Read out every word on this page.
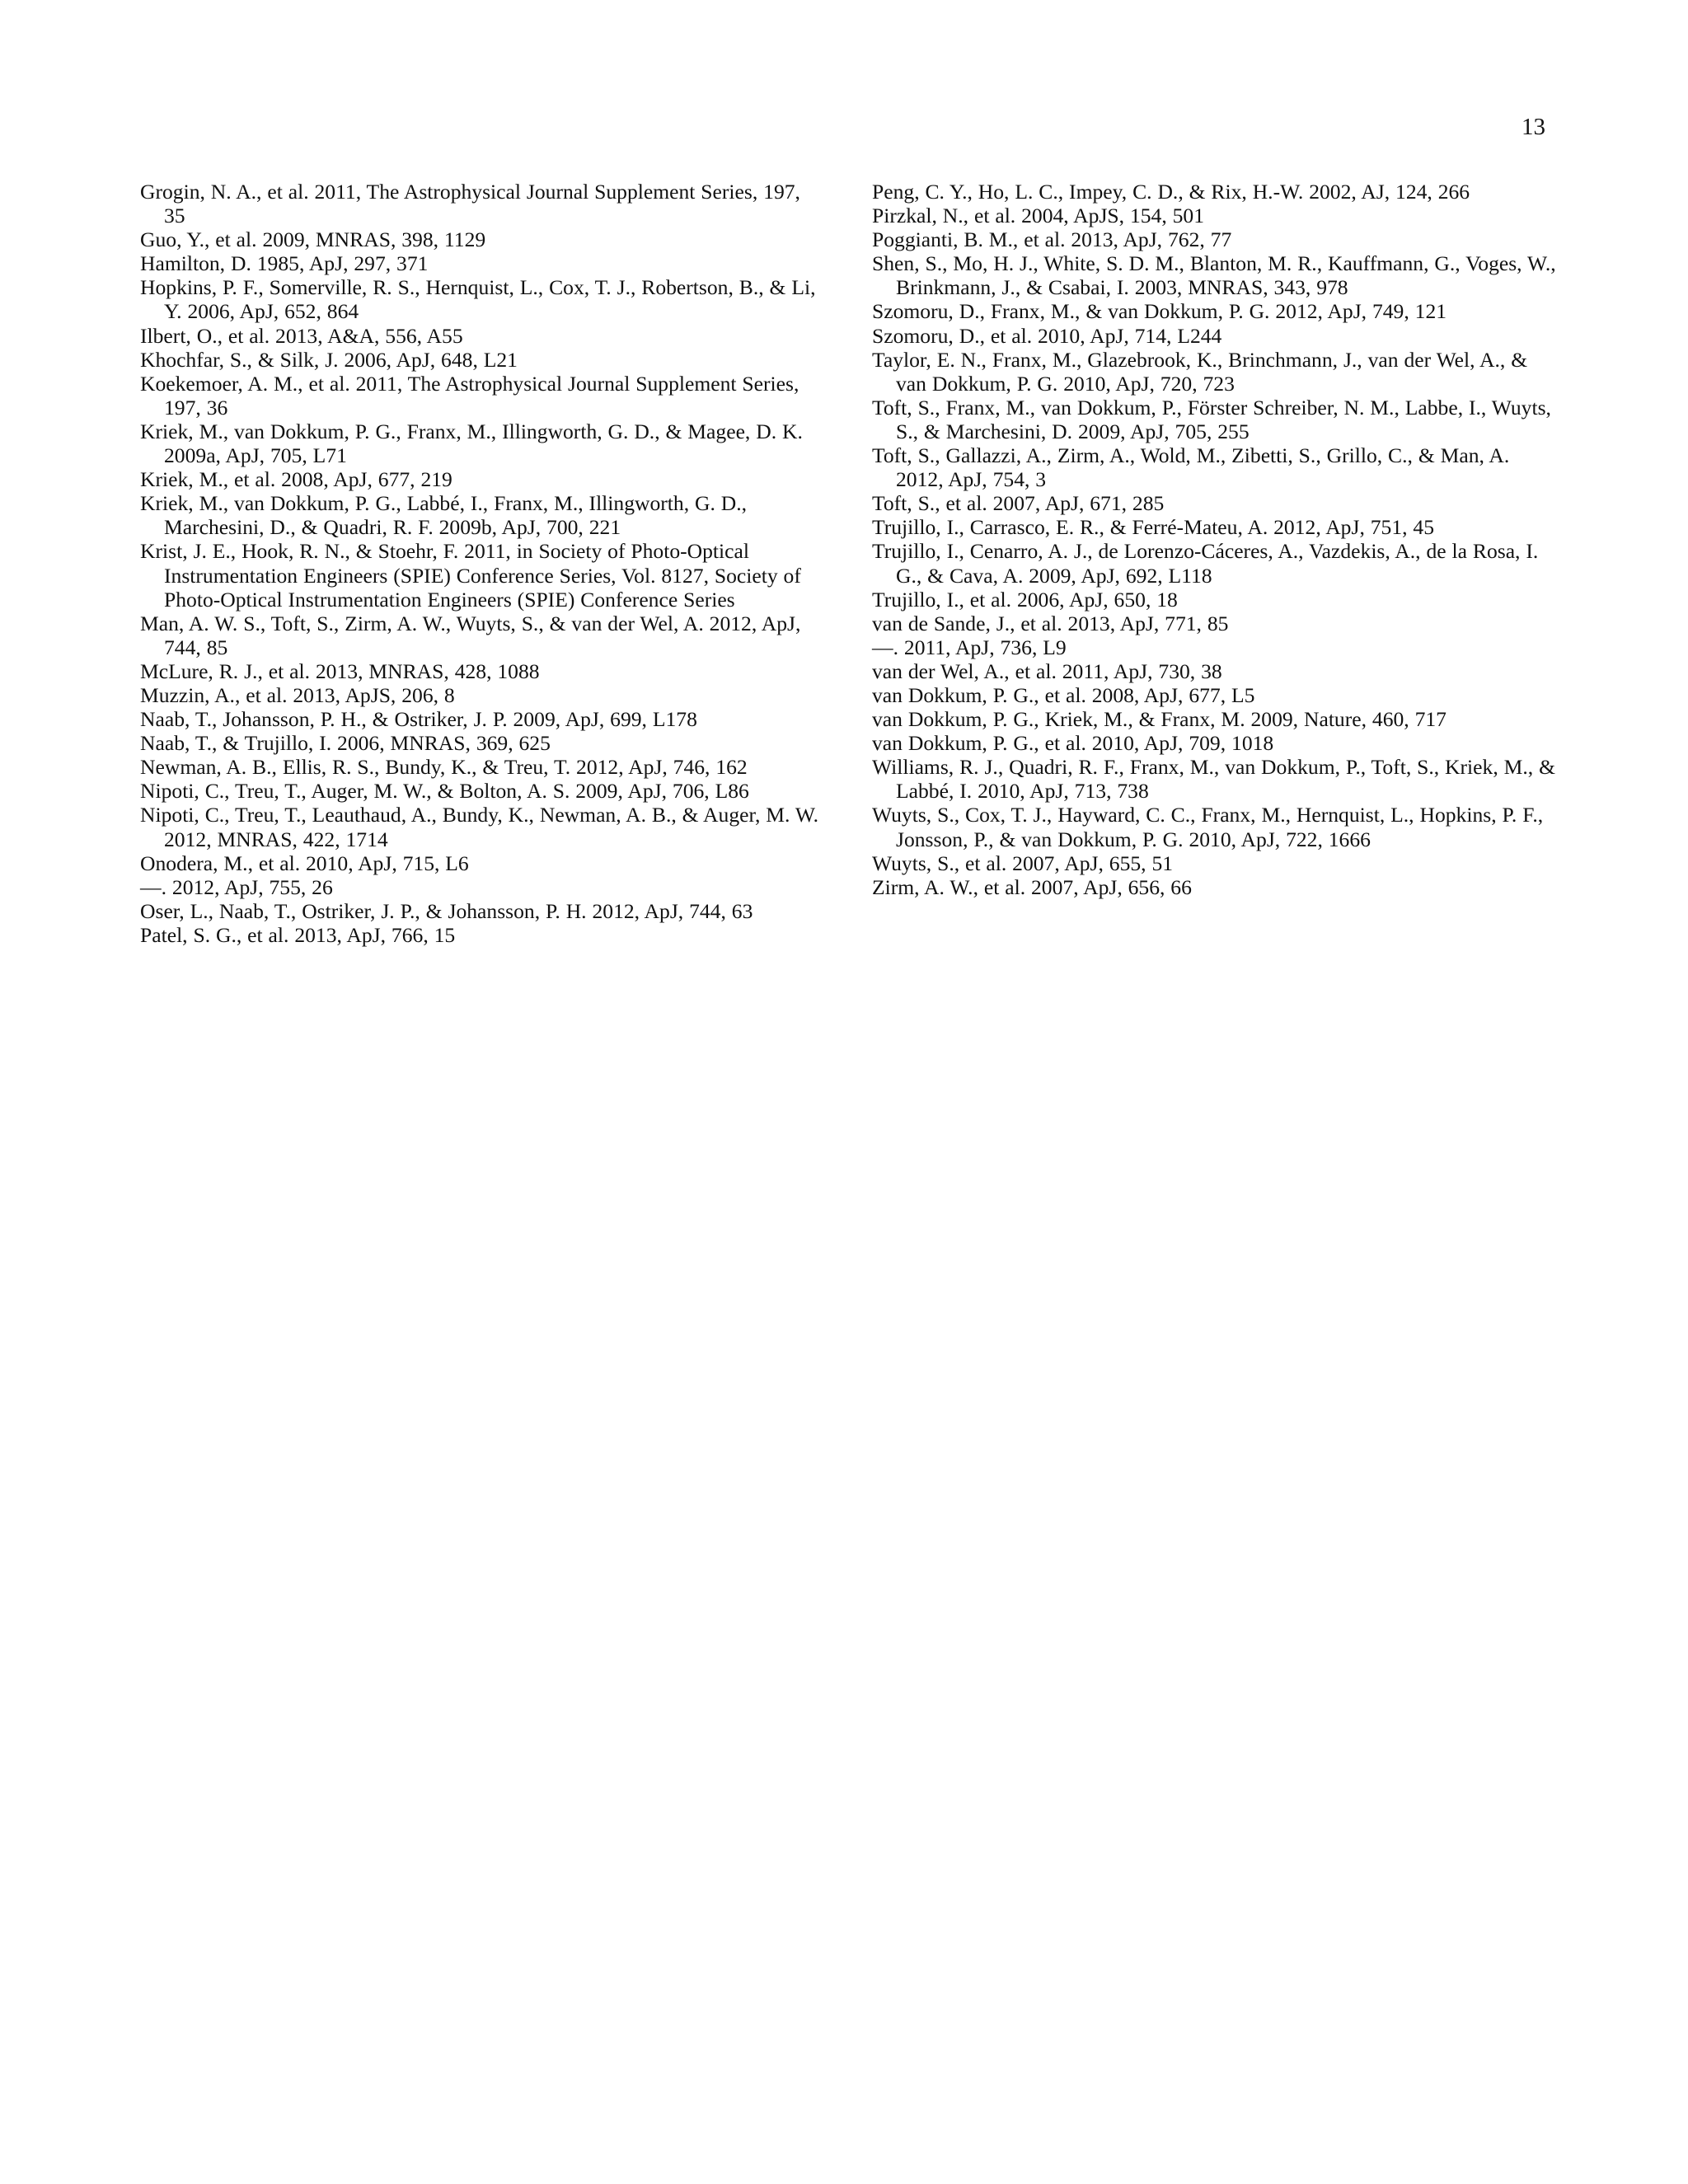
13
Grogin, N. A., et al. 2011, The Astrophysical Journal Supplement Series, 197, 35
Guo, Y., et al. 2009, MNRAS, 398, 1129
Hamilton, D. 1985, ApJ, 297, 371
Hopkins, P. F., Somerville, R. S., Hernquist, L., Cox, T. J., Robertson, B., & Li, Y. 2006, ApJ, 652, 864
Ilbert, O., et al. 2013, A&A, 556, A55
Khochfar, S., & Silk, J. 2006, ApJ, 648, L21
Koekemoer, A. M., et al. 2011, The Astrophysical Journal Supplement Series, 197, 36
Kriek, M., van Dokkum, P. G., Franx, M., Illingworth, G. D., & Magee, D. K. 2009a, ApJ, 705, L71
Kriek, M., et al. 2008, ApJ, 677, 219
Kriek, M., van Dokkum, P. G., Labbé, I., Franx, M., Illingworth, G. D., Marchesini, D., & Quadri, R. F. 2009b, ApJ, 700, 221
Krist, J. E., Hook, R. N., & Stoehr, F. 2011, in Society of Photo-Optical Instrumentation Engineers (SPIE) Conference Series, Vol. 8127, Society of Photo-Optical Instrumentation Engineers (SPIE) Conference Series
Man, A. W. S., Toft, S., Zirm, A. W., Wuyts, S., & van der Wel, A. 2012, ApJ, 744, 85
McLure, R. J., et al. 2013, MNRAS, 428, 1088
Muzzin, A., et al. 2013, ApJS, 206, 8
Naab, T., Johansson, P. H., & Ostriker, J. P. 2009, ApJ, 699, L178
Naab, T., & Trujillo, I. 2006, MNRAS, 369, 625
Newman, A. B., Ellis, R. S., Bundy, K., & Treu, T. 2012, ApJ, 746, 162
Nipoti, C., Treu, T., Auger, M. W., & Bolton, A. S. 2009, ApJ, 706, L86
Nipoti, C., Treu, T., Leauthaud, A., Bundy, K., Newman, A. B., & Auger, M. W. 2012, MNRAS, 422, 1714
Onodera, M., et al. 2010, ApJ, 715, L6
—. 2012, ApJ, 755, 26
Oser, L., Naab, T., Ostriker, J. P., & Johansson, P. H. 2012, ApJ, 744, 63
Patel, S. G., et al. 2013, ApJ, 766, 15
Peng, C. Y., Ho, L. C., Impey, C. D., & Rix, H.-W. 2002, AJ, 124, 266
Pirzkal, N., et al. 2004, ApJS, 154, 501
Poggianti, B. M., et al. 2013, ApJ, 762, 77
Shen, S., Mo, H. J., White, S. D. M., Blanton, M. R., Kauffmann, G., Voges, W., Brinkmann, J., & Csabai, I. 2003, MNRAS, 343, 978
Szomoru, D., Franx, M., & van Dokkum, P. G. 2012, ApJ, 749, 121
Szomoru, D., et al. 2010, ApJ, 714, L244
Taylor, E. N., Franx, M., Glazebrook, K., Brinchmann, J., van der Wel, A., & van Dokkum, P. G. 2010, ApJ, 720, 723
Toft, S., Franx, M., van Dokkum, P., Förster Schreiber, N. M., Labbe, I., Wuyts, S., & Marchesini, D. 2009, ApJ, 705, 255
Toft, S., Gallazzi, A., Zirm, A., Wold, M., Zibetti, S., Grillo, C., & Man, A. 2012, ApJ, 754, 3
Toft, S., et al. 2007, ApJ, 671, 285
Trujillo, I., Carrasco, E. R., & Ferré-Mateu, A. 2012, ApJ, 751, 45
Trujillo, I., Cenarro, A. J., de Lorenzo-Cáceres, A., Vazdekis, A., de la Rosa, I. G., & Cava, A. 2009, ApJ, 692, L118
Trujillo, I., et al. 2006, ApJ, 650, 18
van de Sande, J., et al. 2013, ApJ, 771, 85
—. 2011, ApJ, 736, L9
van der Wel, A., et al. 2011, ApJ, 730, 38
van Dokkum, P. G., et al. 2008, ApJ, 677, L5
van Dokkum, P. G., Kriek, M., & Franx, M. 2009, Nature, 460, 717
van Dokkum, P. G., et al. 2010, ApJ, 709, 1018
Williams, R. J., Quadri, R. F., Franx, M., van Dokkum, P., Toft, S., Kriek, M., & Labbé, I. 2010, ApJ, 713, 738
Wuyts, S., Cox, T. J., Hayward, C. C., Franx, M., Hernquist, L., Hopkins, P. F., Jonsson, P., & van Dokkum, P. G. 2010, ApJ, 722, 1666
Wuyts, S., et al. 2007, ApJ, 655, 51
Zirm, A. W., et al. 2007, ApJ, 656, 66
